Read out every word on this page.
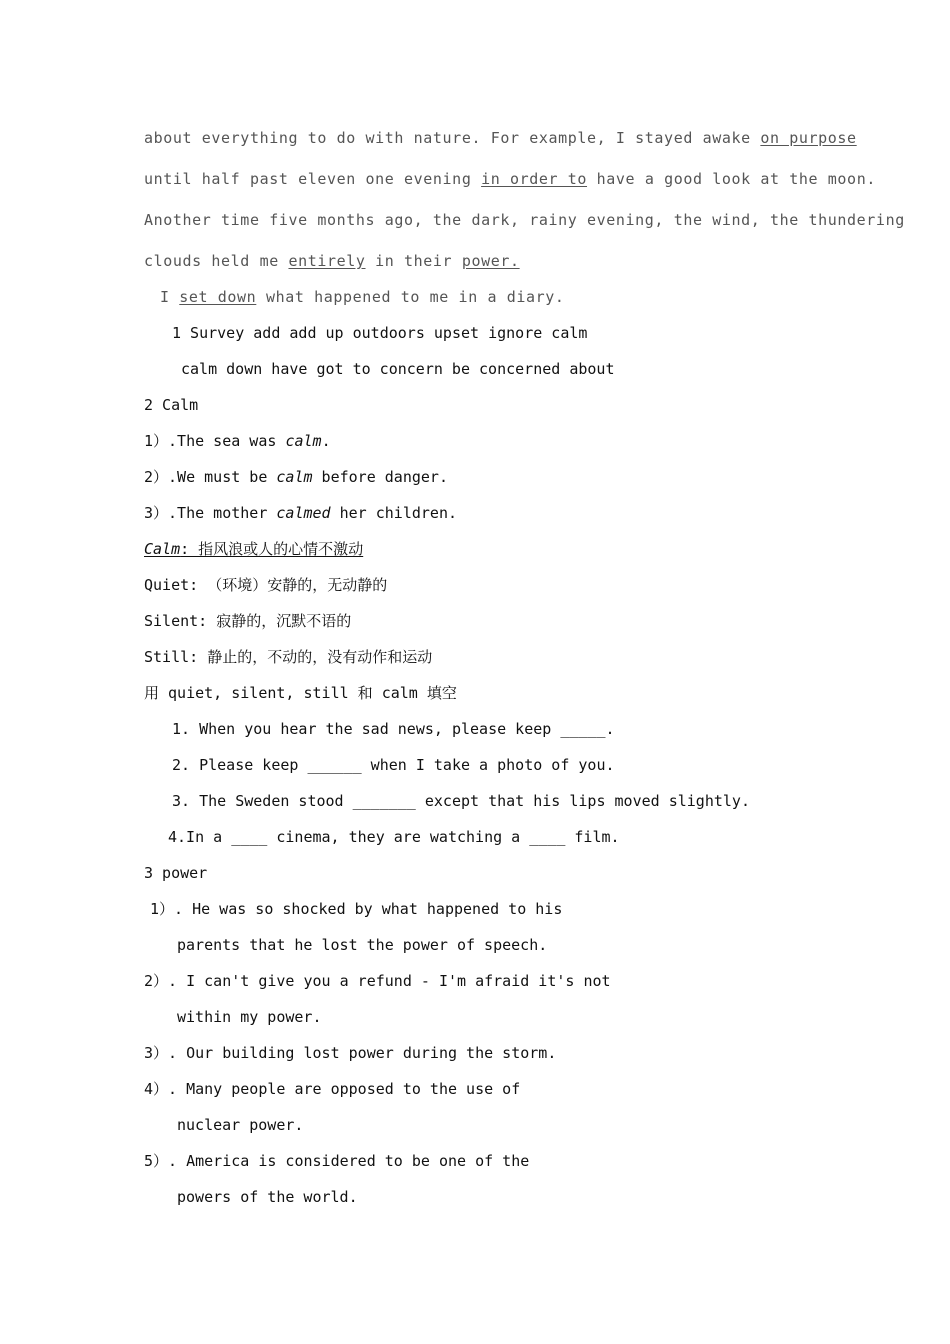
about everything to do with nature. For example, I stayed awake on purpose
until half past eleven one evening in order to have a good look at the moon.
Another time five months ago, the dark, rainy evening, the wind, the thundering
clouds held me entirely in their power.
I set down what happened to me in a diary.
1 Survey add add up outdoors upset ignore calm
calm down have got to concern be concerned about
2 Calm
1）.The sea was calm.
2）.We must be calm before danger.
3）.The mother calmed her children.
Calm: 指风浪或人的心情不激动
Quiet: （环境）安静的，无动静的
Silent: 寂静的，沉默不语的
Still: 静止的，不动的，没有动作和运动
用 quiet, silent, still 和 calm 填空
1. When you hear the sad news, please keep _____.
2. Please keep ______ when I take a photo of you.
3. The Sweden stood _______ except that his lips moved slightly.
4.In a ____ cinema, they are watching a ____ film.
3 power
1）. He was so shocked by what happened to his
parents that he lost the power of speech.
2）. I can't give you a refund - I'm afraid it's not
within my power.
3）. Our building lost power during the storm.
4）. Many people are opposed to the use of
nuclear power.
5）. America is considered to be one of the
powers of the world.
